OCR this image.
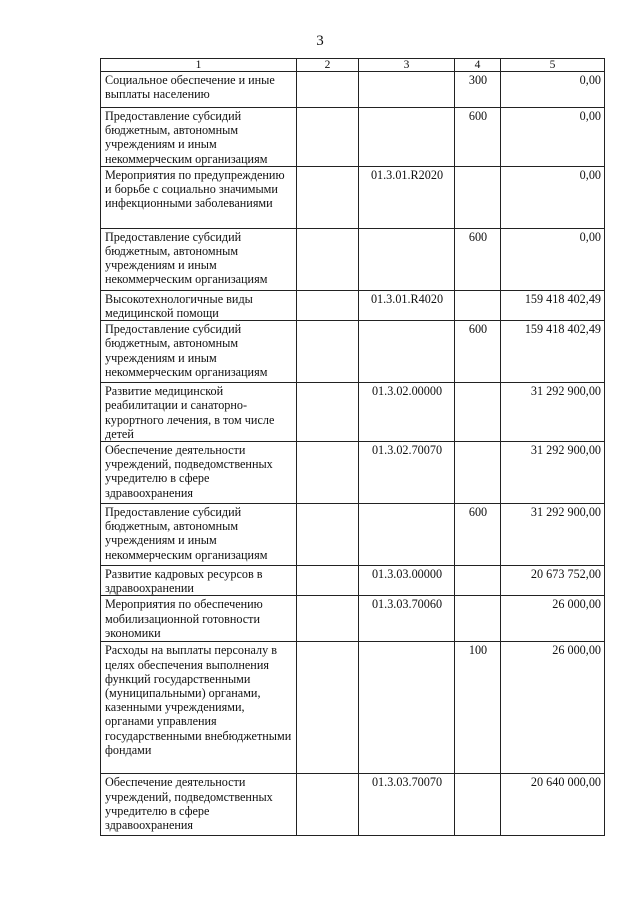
3
1	2	3	4	5
Социальное обеспечение и иные выплаты населению			300	0,00
Предоставление субсидий бюджетным, автономным учреждениям и иным некоммерческим организациям			600	0,00
Мероприятия по предупреждению и борьбе с социально значимыми инфекционными заболеваниями		01.3.01.R2020		0,00
Предоставление субсидий бюджетным, автономным учреждениям и иным некоммерческим организациям			600	0,00
Высокотехнологичные виды медицинской помощи		01.3.01.R4020		159 418 402,49
Предоставление субсидий бюджетным, автономным учреждениям и иным некоммерческим организациям			600	159 418 402,49
Развитие медицинской реабилитации и санаторно-курортного лечения, в том числе детей		01.3.02.00000		31 292 900,00
Обеспечение деятельности учреждений, подведомственных учредителю в сфере здравоохранения		01.3.02.70070		31 292 900,00
Предоставление субсидий бюджетным, автономным учреждениям и иным некоммерческим организациям			600	31 292 900,00
Развитие кадровых ресурсов в здравоохранении		01.3.03.00000		20 673 752,00
Мероприятия по обеспечению мобилизационной готовности экономики		01.3.03.70060		26 000,00
Расходы на выплаты персоналу в целях обеспечения выполнения функций государственными (муниципальными) органами, казенными учреждениями, органами управления государственными внебюджетными фондами			100	26 000,00
Обеспечение деятельности учреждений, подведомственных учредителю в сфере здравоохранения		01.3.03.70070		20 640 000,00
